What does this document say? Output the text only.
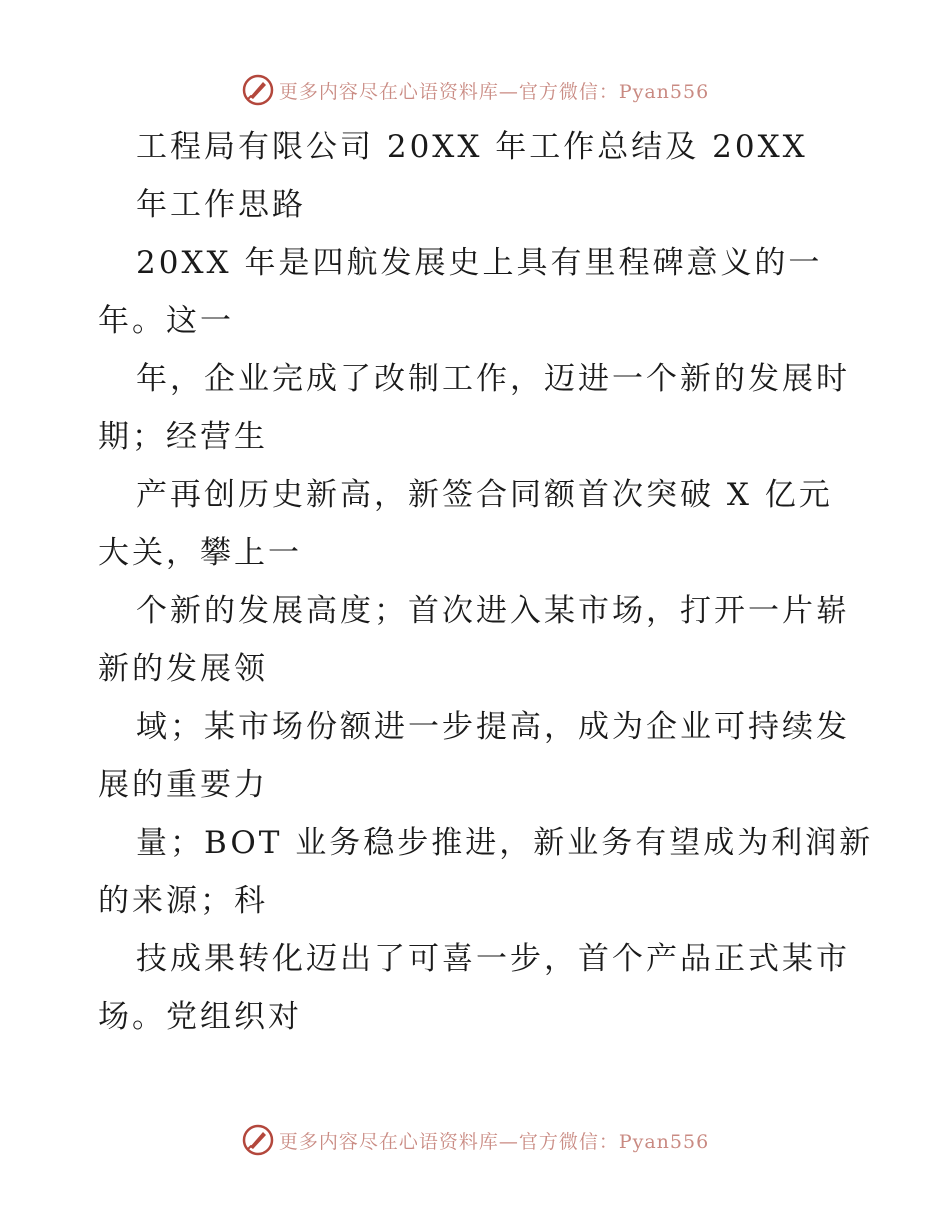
更多内容尽在心语资料库—官方微信：Pyan556
工程局有限公司 20XX 年工作总结及 20XX
年工作思路
20XX 年是四航发展史上具有里程碑意义的一
年。这一
年，企业完成了改制工作，迈进一个新的发展时
期；经营生
产再创历史新高，新签合同额首次突破 X 亿元
大关，攀上一
个新的发展高度；首次进入某市场，打开一片崭
新的发展领
域；某市场份额进一步提高，成为企业可持续发
展的重要力
量；BOT 业务稳步推进，新业务有望成为利润新
的来源；科
技成果转化迈出了可喜一步，首个产品正式某市
场。党组织对
更多内容尽在心语资料库—官方微信：Pyan556
